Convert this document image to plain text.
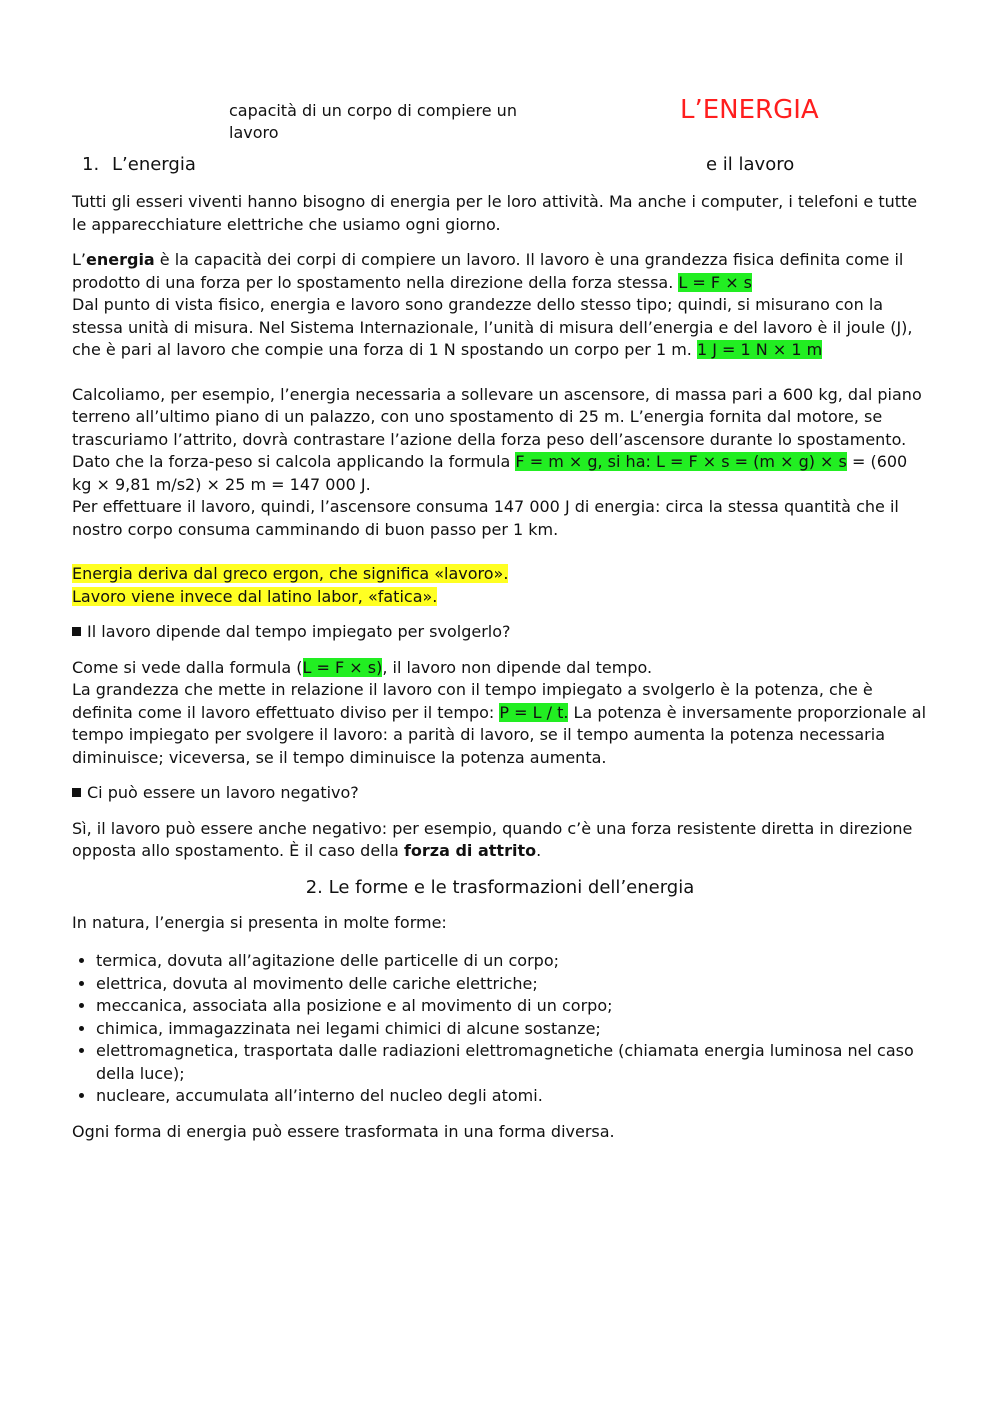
capacità di un corpo di compiere un lavoro

L’ENERGIA
1. L’energia	e il lavoro

Tutti gli esseri viventi hanno bisogno di energia per le loro attività. Ma anche i computer, i telefoni e tutte le apparecchiature elettriche che usiamo ogni giorno.

L’energia è la capacità dei corpi di compiere un lavoro. Il lavoro è una grandezza fisica definita come il prodotto di una forza per lo spostamento nella direzione della forza stessa. L = F × s
Dal punto di vista fisico, energia e lavoro sono grandezze dello stesso tipo; quindi, si misurano con la stessa unità di misura. Nel Sistema Internazionale, l’unità di misura dell’energia e del lavoro è il joule (J), che è pari al lavoro che compie una forza di 1 N spostando un corpo per 1 m. 1 J = 1 N × 1 m

Calcoliamo, per esempio, l’energia necessaria a sollevare un ascensore, di massa pari a 600 kg, dal piano terreno all’ultimo piano di un palazzo, con uno spostamento di 25 m. L’energia fornita dal motore, se trascuriamo l’attrito, dovrà contrastare l’azione della forza peso dell’ascensore durante lo spostamento.
Dato che la forza-peso si calcola applicando la formula F = m × g, si ha: L = F × s = (m × g) × s = (600 kg × 9,81 m/s2) × 25 m = 147 000 J.
Per effettuare il lavoro, quindi, l’ascensore consuma 147 000 J di energia: circa la stessa quantità che il nostro corpo consuma camminando di buon passo per 1 km.

Energia deriva dal greco ergon, che significa «lavoro».
Lavoro viene invece dal latino labor, «fatica».

Il lavoro dipende dal tempo impiegato per svolgerlo?

Come si vede dalla formula (L = F × s), il lavoro non dipende dal tempo.
La grandezza che mette in relazione il lavoro con il tempo impiegato a svolgerlo è la potenza, che è definita come il lavoro effettuato diviso per il tempo: P = L / t. La potenza è inversamente proporzionale al tempo impiegato per svolgere il lavoro: a parità di lavoro, se il tempo aumenta la potenza necessaria diminuisce; viceversa, se il tempo diminuisce la potenza aumenta.

Ci può essere un lavoro negativo?

Sì, il lavoro può essere anche negativo: per esempio, quando c’è una forza resistente diretta in direzione opposta allo spostamento. È il caso della forza di attrito.

2. Le forme e le trasformazioni dell’energia

In natura, l’energia si presenta in molte forme:

• termica, dovuta all’agitazione delle particelle di un corpo;
• elettrica, dovuta al movimento delle cariche elettriche;
• meccanica, associata alla posizione e al movimento di un corpo;
• chimica, immagazzinata nei legami chimici di alcune sostanze;
• elettromagnetica, trasportata dalle radiazioni elettromagnetiche (chiamata energia luminosa nel caso della luce);
• nucleare, accumulata all’interno del nucleo degli atomi.

Ogni forma di energia può essere trasformata in una forma diversa.
